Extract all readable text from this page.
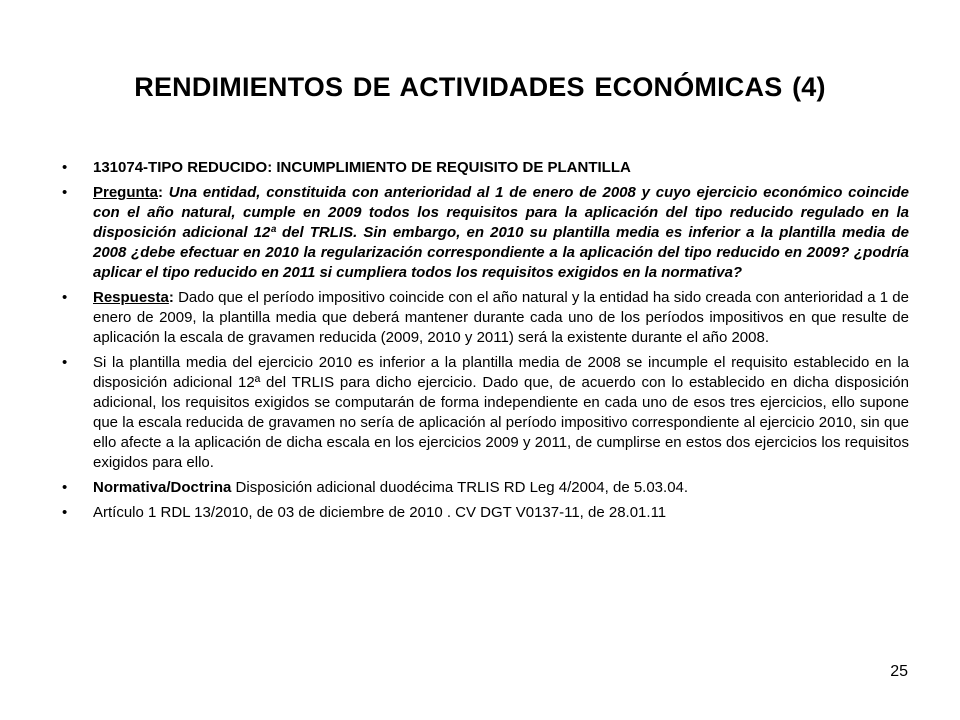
RENDIMIENTOS DE ACTIVIDADES ECONÓMICAS (4)
• 131074-TIPO REDUCIDO: INCUMPLIMIENTO DE REQUISITO DE PLANTILLA
• Pregunta: Una entidad, constituida con anterioridad al 1 de enero de 2008 y cuyo ejercicio económico coincide con el año natural, cumple en 2009 todos los requisitos para la aplicación del tipo reducido regulado en la disposición adicional 12ª del TRLIS. Sin embargo, en 2010 su plantilla media es inferior a la plantilla media de 2008 ¿debe efectuar en 2010 la regularización correspondiente a la aplicación del tipo reducido en 2009? ¿podría aplicar el tipo reducido en 2011 si cumpliera todos los requisitos exigidos en la normativa?
• Respuesta: Dado que el período impositivo coincide con el año natural y la entidad ha sido creada con anterioridad a 1 de enero de 2009, la plantilla media que deberá mantener durante cada uno de los períodos impositivos en que resulte de aplicación la escala de gravamen reducida (2009, 2010 y 2011) será la existente durante el año 2008.
• Si la plantilla media del ejercicio 2010 es inferior a la plantilla media de 2008 se incumple el requisito establecido en la disposición adicional 12ª del TRLIS para dicho ejercicio. Dado que, de acuerdo con lo establecido en dicha disposición adicional, los requisitos exigidos se computarán de forma independiente en cada uno de esos tres ejercicios, ello supone que la escala reducida de gravamen no sería de aplicación al período impositivo correspondiente al ejercicio 2010, sin que ello afecte a la aplicación de dicha escala en los ejercicios 2009 y 2011, de cumplirse en estos dos ejercicios los requisitos exigidos para ello.
• Normativa/Doctrina Disposición adicional duodécima TRLIS RD Leg 4/2004, de 5.03.04.
• Artículo 1 RDL 13/2010, de 03 de diciembre de 2010 . CV DGT V0137-11, de 28.01.11
25
